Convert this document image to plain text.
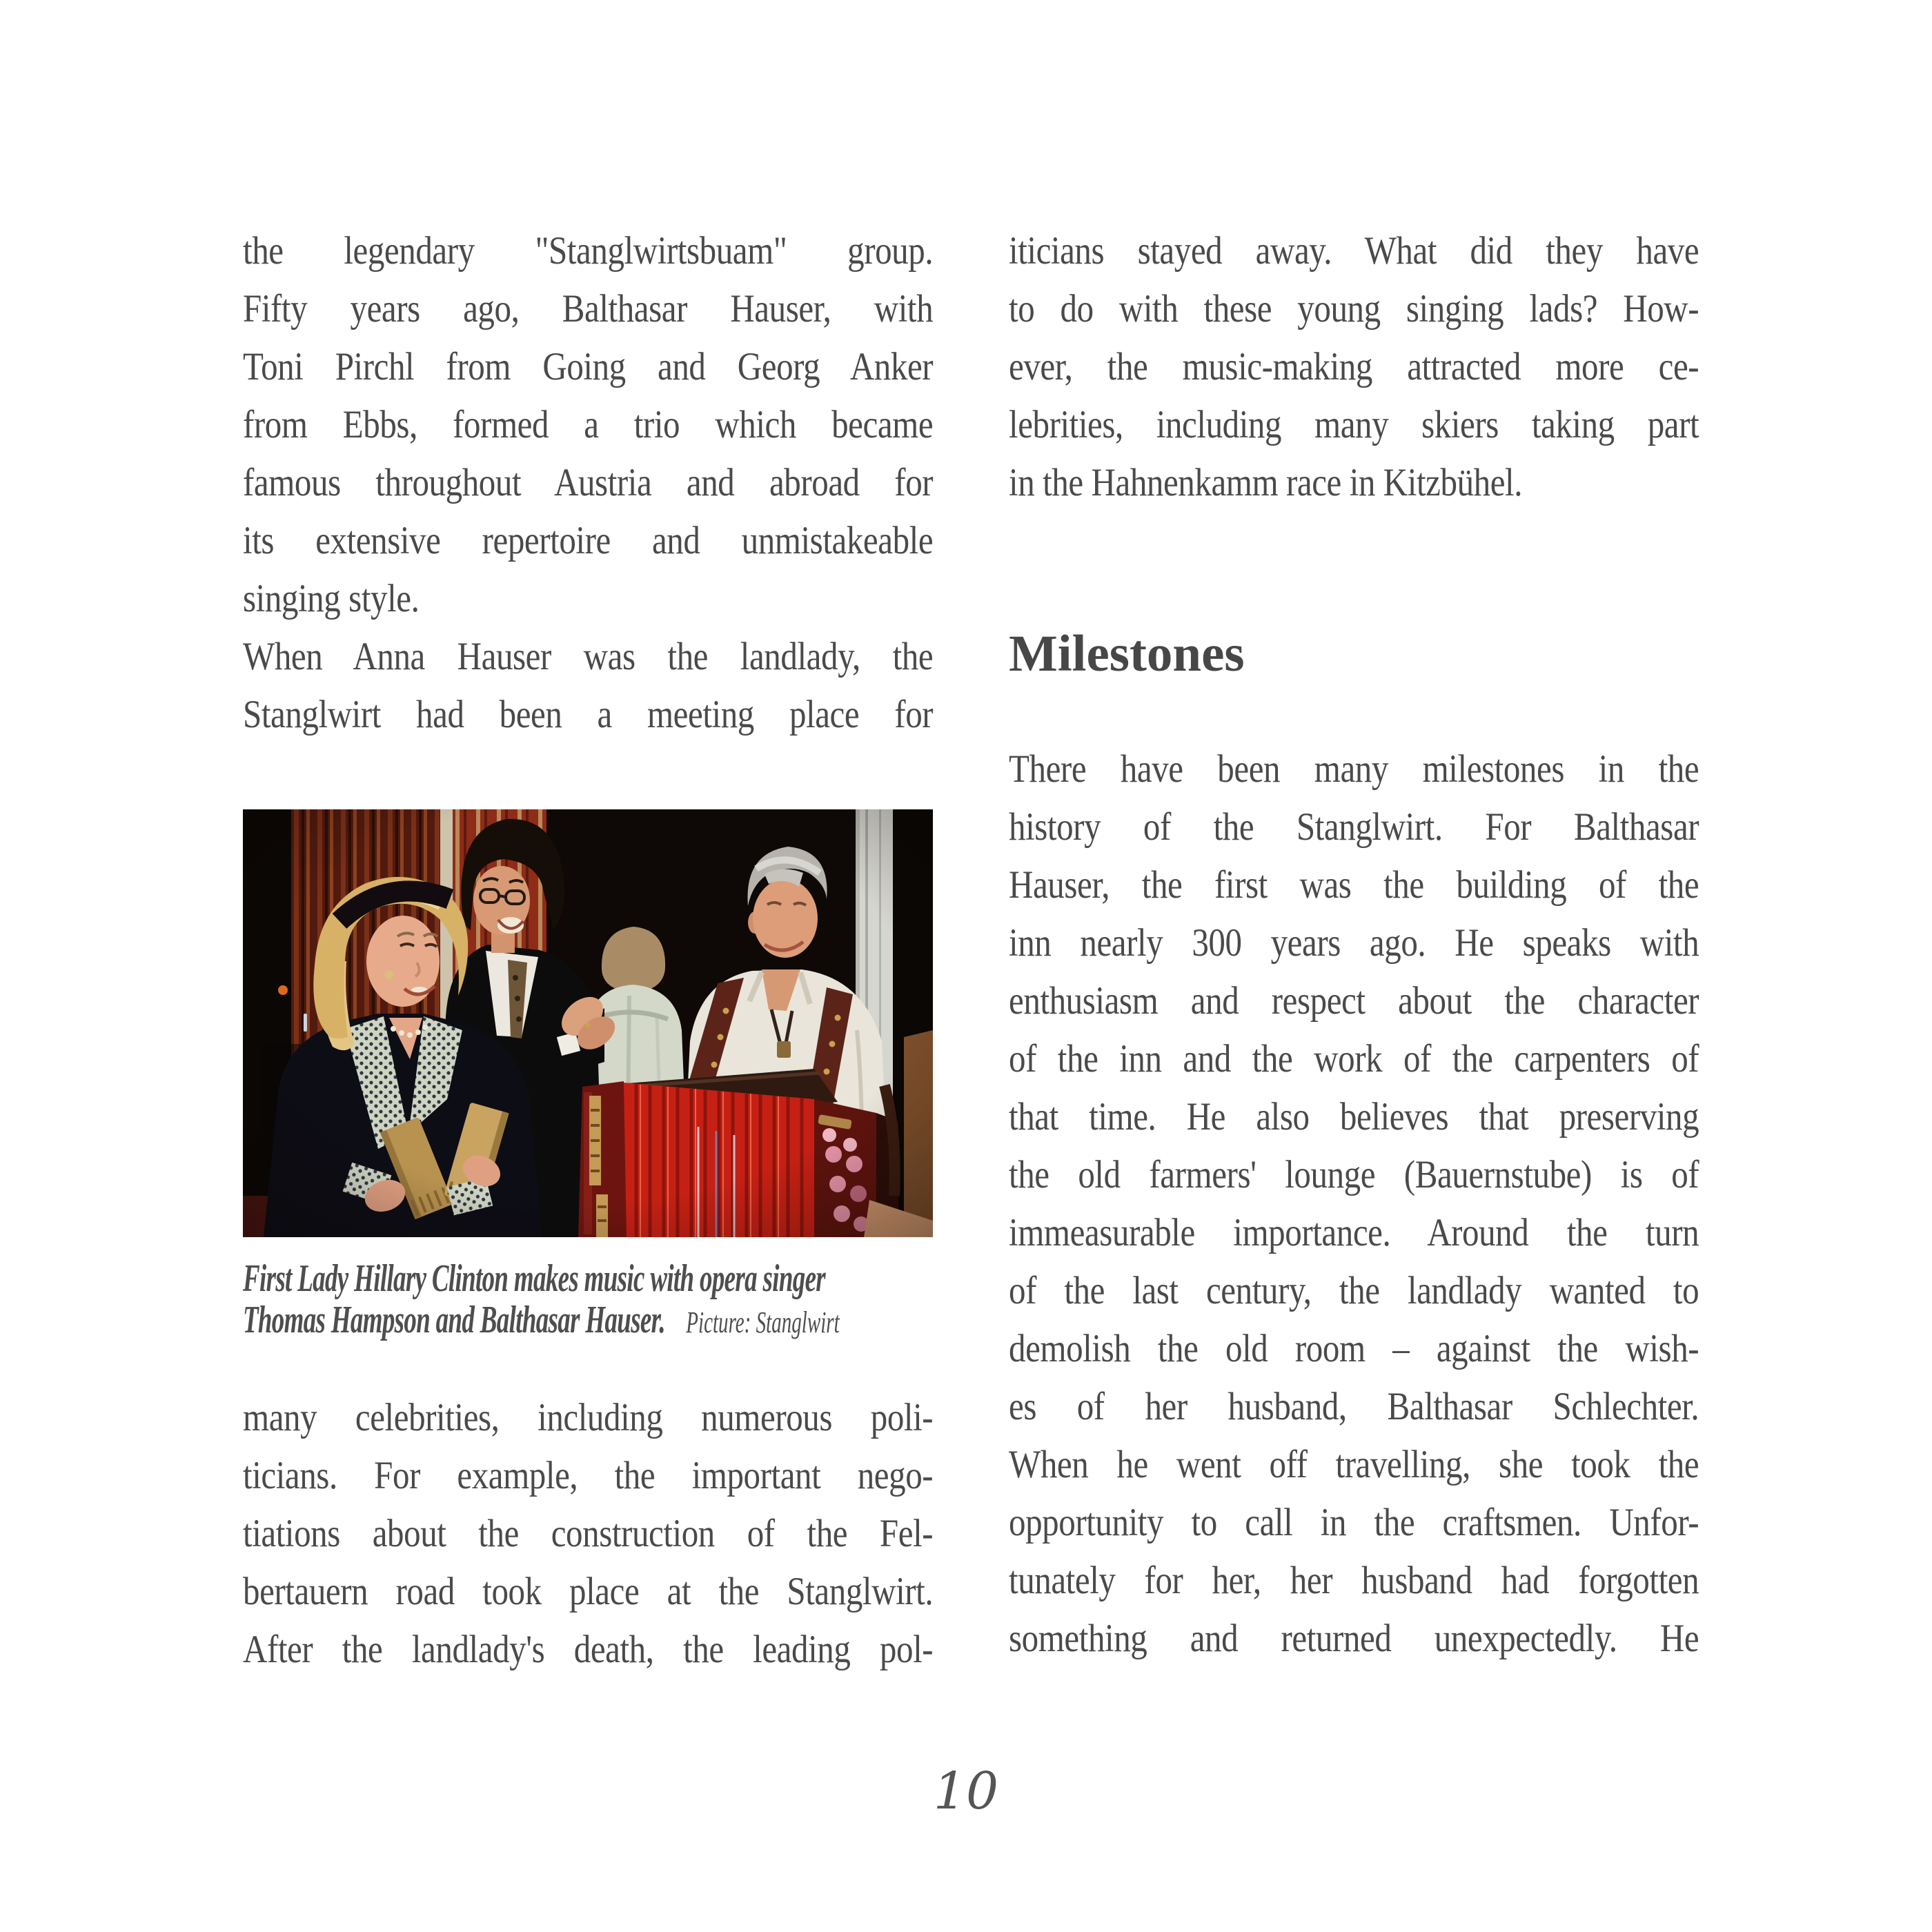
the legendary "Stanglwirtsbuam" group.
Fifty years ago, Balthasar Hauser, with
Toni Pirchl from Going and Georg Anker
from Ebbs, formed a trio which became
famous throughout Austria and abroad for
its extensive repertoire and unmistakeable
singing style.
When Anna Hauser was the landlady, the
Stanglwirt had been a meeting place for
First Lady Hillary Clinton makes music with opera singer
Thomas Hampson and Balthasar Hauser. Picture: Stanglwirt
many celebrities, including numerous poli-
ticians. For example, the important nego-
tiations about the construction of the Fel-
bertauern road took place at the Stanglwirt.
After the landlady's death, the leading pol-
iticians stayed away. What did they have
to do with these young singing lads? How-
ever, the music-making attracted more ce-
lebrities, including many skiers taking part
in the Hahnenkamm race in Kitzbühel.
Milestones
There have been many milestones in the
history of the Stanglwirt. For Balthasar
Hauser, the first was the building of the
inn nearly 300 years ago. He speaks with
enthusiasm and respect about the character
of the inn and the work of the carpenters of
that time. He also believes that preserving
the old farmers' lounge (Bauernstube) is of
immeasurable importance. Around the turn
of the last century, the landlady wanted to
demolish the old room – against the wish-
es of her husband, Balthasar Schlechter.
When he went off travelling, she took the
opportunity to call in the craftsmen. Unfor-
tunately for her, her husband had forgotten
something and returned unexpectedly. He
10
